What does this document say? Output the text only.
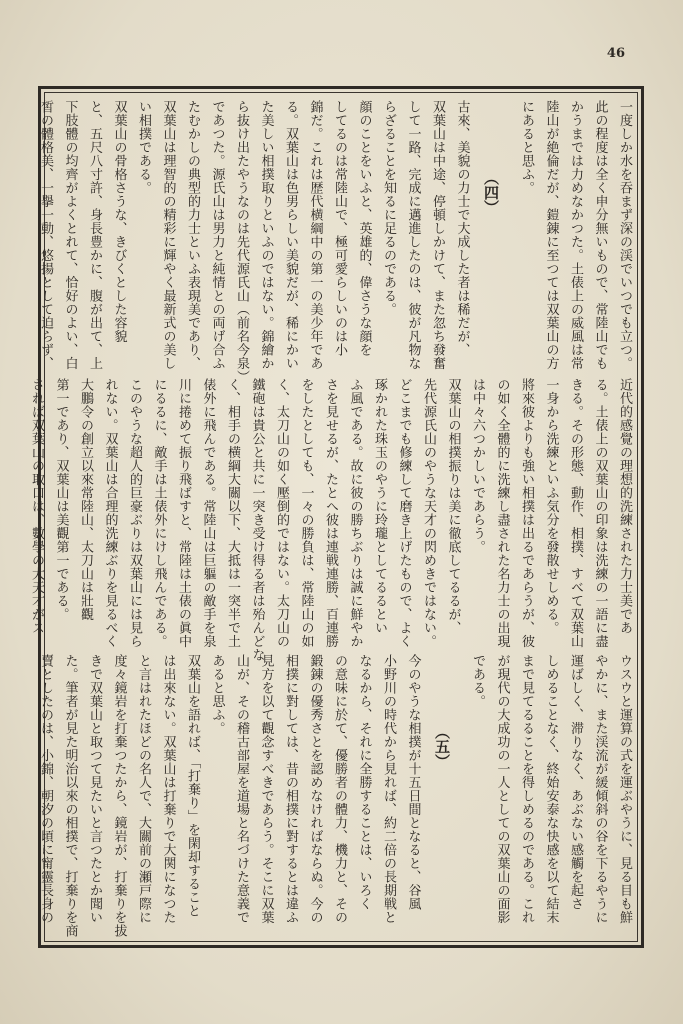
46
一度しか水を吞まず深の渓でいつでも立つ。
此の程度は全く申分無いもので、常陸山でも
かうまでは力めなかつた。土俵上の威風は常
陸山が絶倫だが、鎧錬に至つては双葉山の方
にあると思ふ。
（四）
古來、美貌の力士で大成した者は稀だが、
双葉山は中途、停頓しかけて、また忽ち發奮
して一路、完成に邁進したのは、彼が凡物な
らざることを知るに足るのである。
顔のことをいふと、英雄的、偉さうな顔を
してるのは常陸山で、極可愛らしいのは小
錦だ。これは歴代横綱中の第一の美少年であ
る。双葉山は色男らしい美貌だが、稀にかい
た美しい相撲取りといふのではない。錦繪か
ら抜け出たやうなのは先代源氏山（前名今泉）
であつた。源氏山は男力と純情との両げ合ふ
たむかしの典型的力士といふ表現美であり、
双葉山は理智的の精彩に輝やく最新式の美し
い相撲である。
双葉山の骨格さうな、きびくとした容貌
と、五尺八寸許、身長豊かに、腹が出て、上
下肢體の均齊がよくとれて、恰好のよい、白
皙の體格美、一擧一動、悠揚として迫らず、
近代的感覺の理想的洗練された力士美であ
る。土俵上の双葉山の印象は洗練の一語に盡
きる。その形態、動作、相撲、すべて双葉山
一身から洗練といふ気分を發散せしめる。
將來彼よりも強い相撲は出るであらうが、彼
の如く全體的に洗練し盡された名力士の出現
は中々六つかしいであらう。
双葉山の相撲振りは美に徹底してるるが、
先代源氏山のやうな天才の閃めきではない。
どこまでも修練して磨き上げたもので、よく
琢かれた珠玉のやうに玲瓏としてるるとい
ふ風である。故に彼の勝ちぶりは誠に鮮やか
さを見せるが、たとへ彼は連戦連勝、百連勝
をしたとしても、一々の勝負は、常陸山の如
く、太刀山の如く壓倒的ではない。太刀山の
鐵砲は貴公と共に一突き受け得る者は殆んどな
く、相手の横綱大關以下、大抵は一突半で土
俵外に飛んである。常陸山は巨軀の敵手を泉
川に捲めて振り飛ばすと、常陸は土俵の眞中
にるるに、敵手は土俵外にけし飛んである。
このやうな超人的巨豪ぶりは双葉山には見ら
れない。双葉山は合理的洗練ぶりを見るべく
大鵬令の創立以來常陸山、太刀山は壯觀
第一であり、双葉山は美觀第一である。
されば双葉山の取口は、數學の大天才がス
ウスウと運算の式を運ぶやうに、見る目も鮮
やかに、また渓流が緩傾斜の谷を下るやうに
運ばしく、滞りなく、あぶない感觸を起さ
しめることなく、終始安泰な快感を以て結末
まで見てるることを得しめるのである。これ
が現代の大成功の一人としての双葉山の面影
である。
（五）
今のやうな相撲が十五日間となると、谷風
小野川の時代から見れば、約二倍の長期戦と
なるから、それに全勝することは、いろく
の意味に於て、優勝者の體力、機力と、その
鍛錬の優秀さとを認めなければならぬ。今の
相撲に對しては、昔の相撲に對するとは違ふ
見方を以て觀念すべきであらう。そこに双葉
山が、その稽古部屋を道場と名づけた意義で
あると思ふ。
双葉山を語れば、「打棄り」を閑却すること
は出來ない。双葉山は打棄りで大関になつた
と言はれたほどの名人で、大關前の瀬戸際に
度々鏡岩を打棄つたから、鏡岩が、打棄りを拔
きで双葉山と取つて見たいと言つたとか聞い
た。筆者が見た明治以來の相撲で、打棄りを商
賣としたのは、小錦、朝汐の頃に甯靈長身の
